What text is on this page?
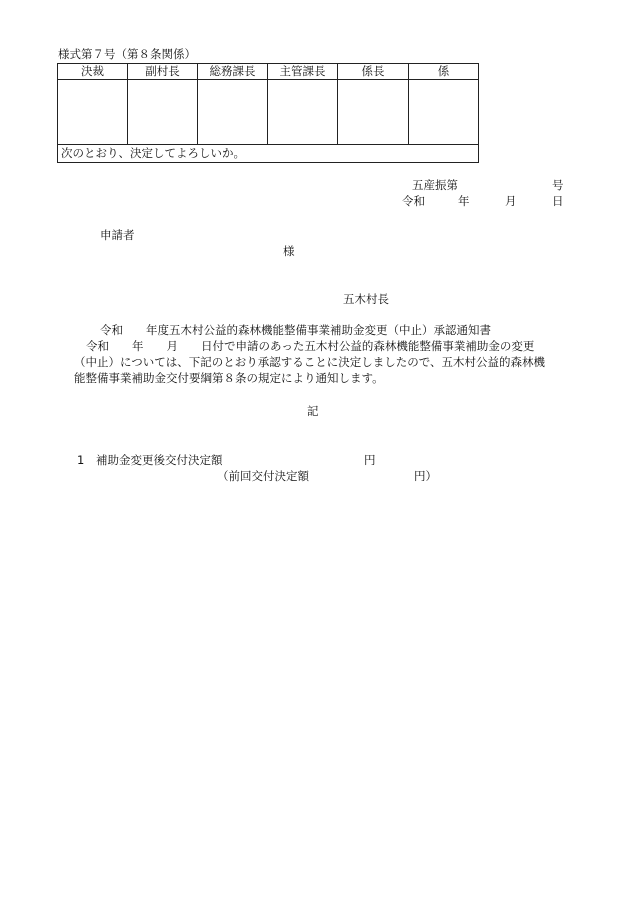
様式第７号（第８条関係）
決裁	副村長	総務課長	主管課長	係長	係

次のとおり、決定してよろしいか。					
五産振第	号
令和	年	月	日
申請者
様
五木村長
令和　　年度五木村公益的森林機能整備事業補助金変更（中止）承認通知書
令和　　年　　月　　日付で申請のあった五木村公益的森林機能整備事業補助金の変更
（中止）については、下記のとおり承認することに決定しましたので、五木村公益的森林機
能整備事業補助金交付要綱第８条の規定により通知します。
記
1 補助金変更後交付決定額	円
（前回交付決定額	円）
